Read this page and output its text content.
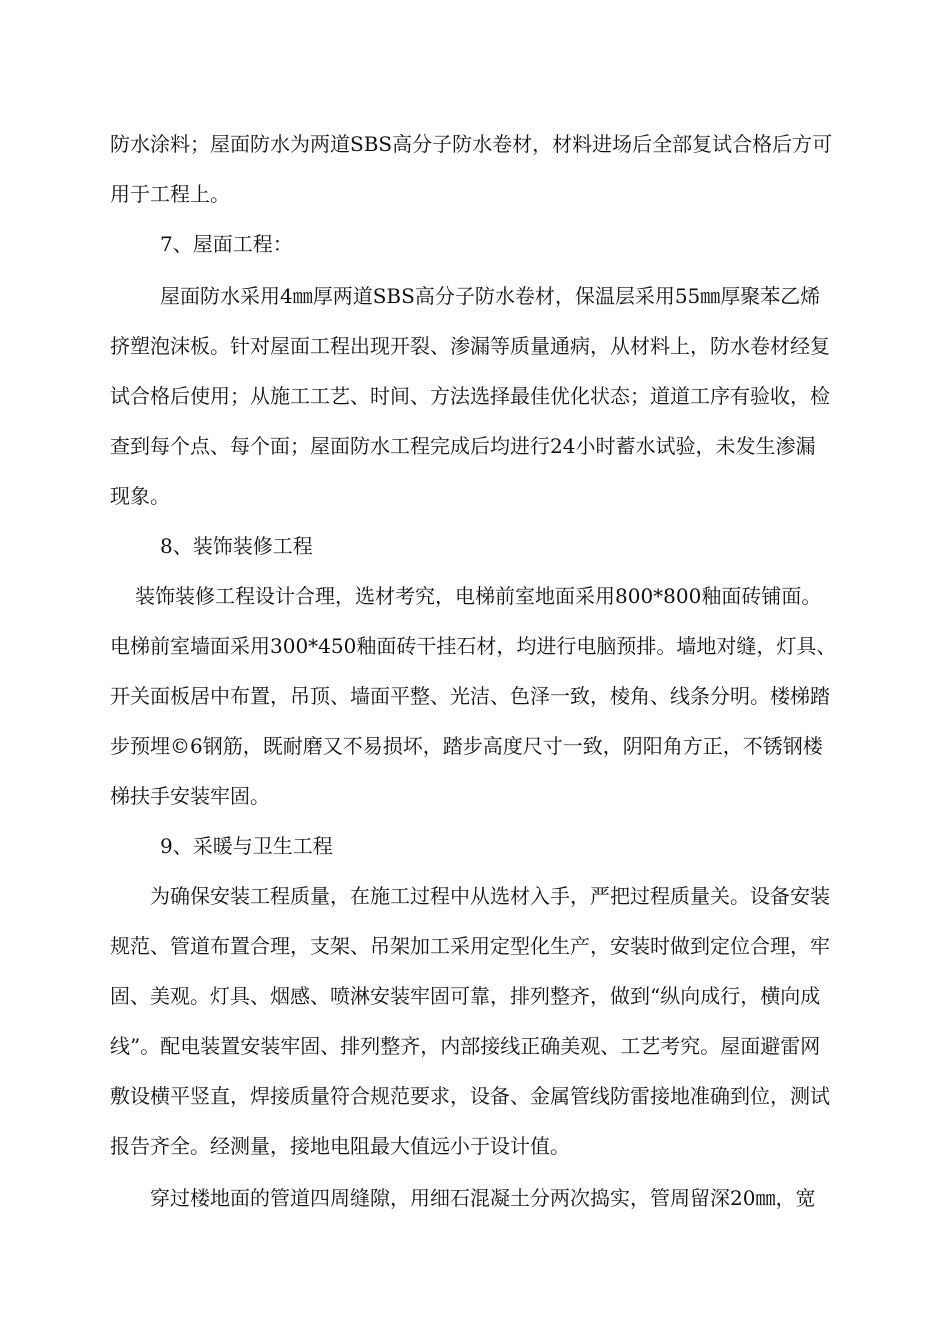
防水涂料；屋面防水为两道SBS高分子防水卷材，材料进场后全部复试合格后方可
用于工程上。
7、屋面工程：
屋面防水采用4㎜厚两道SBS高分子防水卷材，保温层采用55㎜厚聚苯乙烯
挤塑泡沫板。针对屋面工程出现开裂、渗漏等质量通病，从材料上，防水卷材经复
试合格后使用；从施工工艺、时间、方法选择最佳优化状态；道道工序有验收，检
查到每个点、每个面；屋面防水工程完成后均进行24小时蓄水试验，未发生渗漏
现象。
8、装饰装修工程
装饰装修工程设计合理，选材考究，电梯前室地面采用800*800釉面砖铺面。
电梯前室墙面采用300*450釉面砖干挂石材，均进行电脑预排。墙地对缝，灯具、
开关面板居中布置，吊顶、墙面平整、光洁、色泽一致，棱角、线条分明。楼梯踏
步预埋©6钢筋，既耐磨又不易损坏，踏步高度尺寸一致，阴阳角方正，不锈钢楼
梯扶手安装牢固。
9、采暖与卫生工程
为确保安装工程质量，在施工过程中从选材入手，严把过程质量关。设备安装
规范、管道布置合理，支架、吊架加工采用定型化生产，安装时做到定位合理，牢
固、美观。灯具、烟感、喷淋安装牢固可靠，排列整齐，做到“纵向成行，横向成
线”。配电装置安装牢固、排列整齐，内部接线正确美观、工艺考究。屋面避雷网
敷设横平竖直，焊接质量符合规范要求，设备、金属管线防雷接地准确到位，测试
报告齐全。经测量，接地电阻最大值远小于设计值。
穿过楼地面的管道四周缝隙，用细石混凝土分两次捣实，管周留深20㎜，宽
